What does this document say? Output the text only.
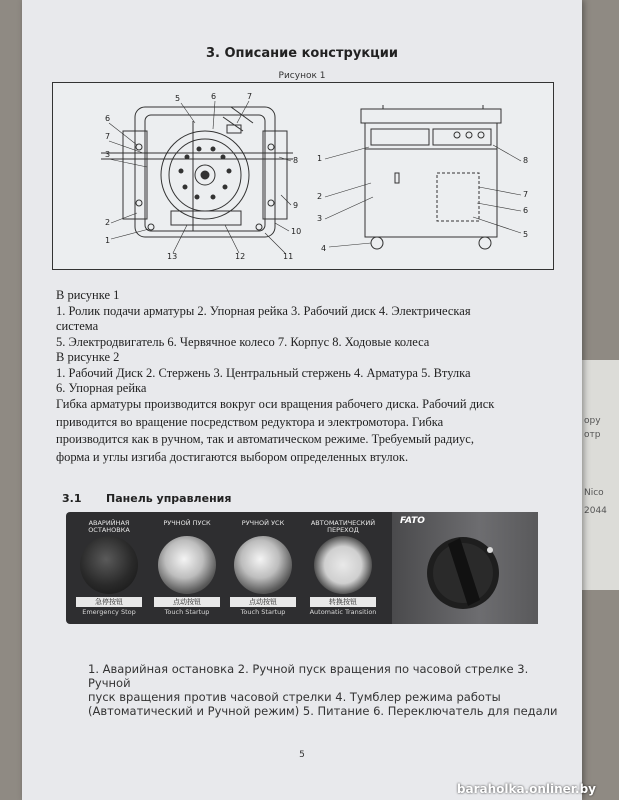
ору
отр
Nico
2044
3. Описание конструкции
Рисунок 1
6
7
3
2
1
5	6	7
8
9
10
11
12
13
1
2
3
4
8
7
6
5
В рисунке 1
1. Ролик подачи арматуры 2. Упорная рейка 3. Рабочий диск 4. Электрическая
система
5. Электродвигатель 6. Червячное колесо 7. Корпус 8. Ходовые колеса
В рисунке 2
1. Рабочий Диск 2. Стержень 3. Центральный стержень 4. Арматура 5. Втулка
6. Упорная рейка
Гибка арматуры производится вокруг оси вращения рабочего диска. Рабочий диск
приводится во вращение посредством редуктора и электромотора. Гибка
производится как в ручном, так и автоматическом режиме. Требуемый радиус,
форма и углы изгиба достигаются выбором определенных втулок.
3.1 Панель управления
АВАРИЙНАЯ ОСТАНОВКА
急停按钮
Emergency Stop
РУЧНОЙ ПУСК
点动按钮
Touch Startup
РУЧНОЙ УСК
点动按钮
Touch Startup
АВТОМАТИЧЕСКИЙ ПЕРЕХОД
转换按钮
Automatic Transition
FATO
1. Аварийная остановка 2. Ручной пуск вращения по часовой стрелке 3. Ручной
пуск вращения против часовой стрелки 4. Тумблер режима работы
(Автоматический и Ручной режим) 5. Питание 6. Переключатель для педали
5
baraholka.onliner.by
